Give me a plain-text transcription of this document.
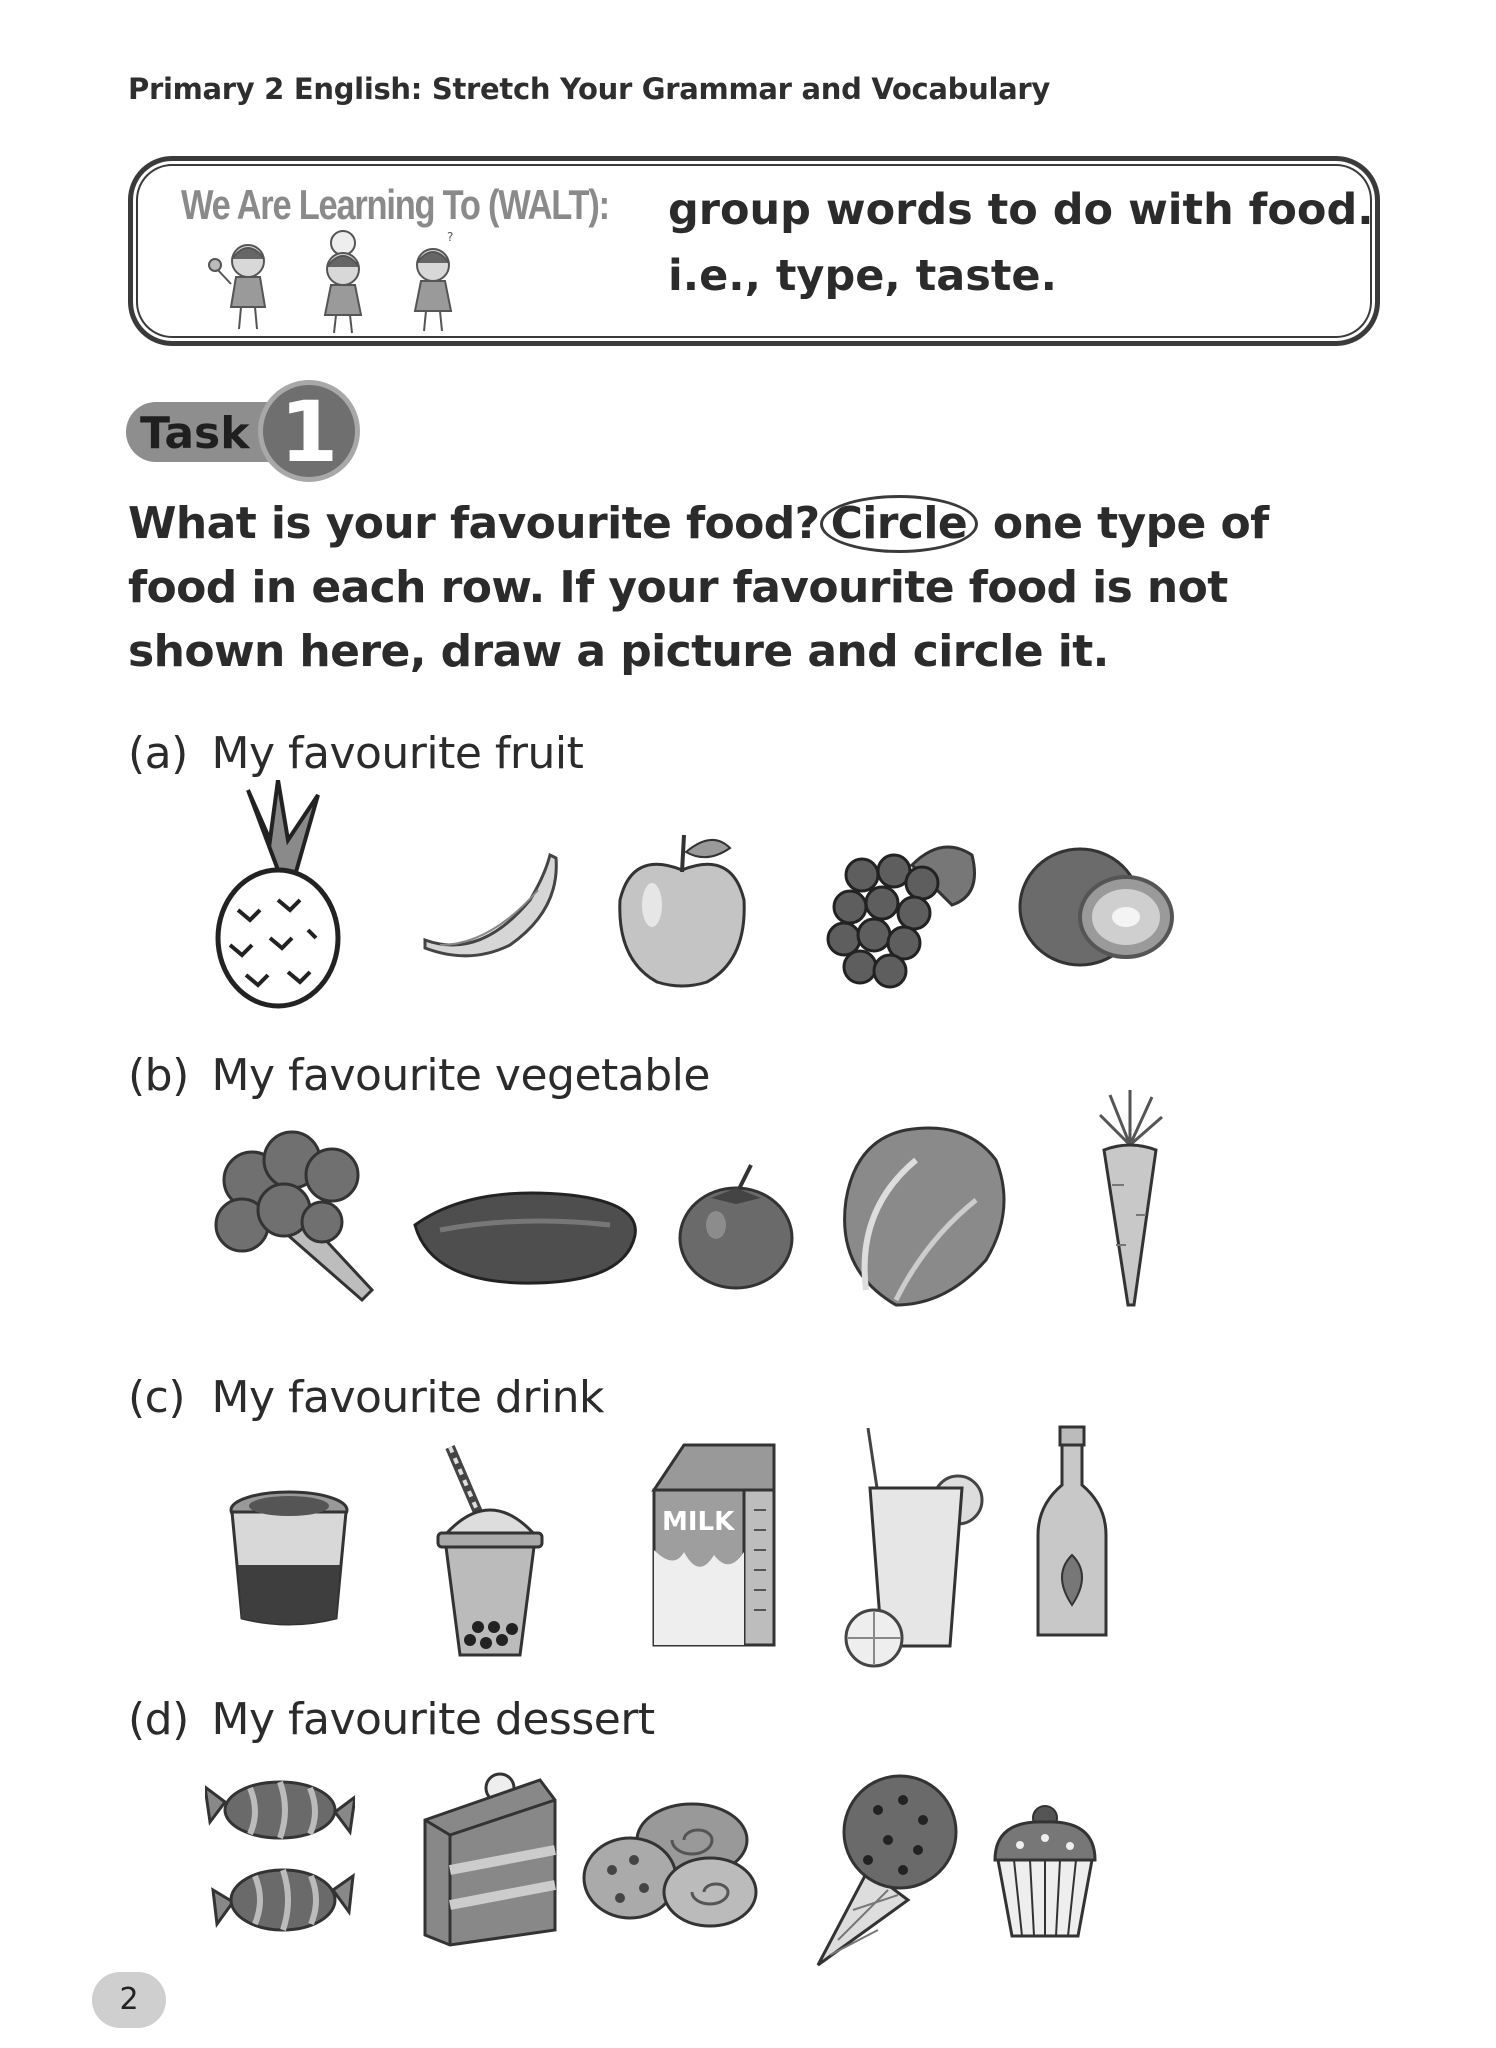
Primary 2 English: Stretch Your Grammar and Vocabulary
We Are Learning To (WALT):
?
group words to do with food.
i.e., type, taste.
Task 1
What is your favourite food? Circle one type of food in each row. If your favourite food is not shown here, draw a picture and circle it.
(a) My favourite fruit
(b) My favourite vegetable
(c) My favourite drink
MILK
(d) My favourite dessert
2
